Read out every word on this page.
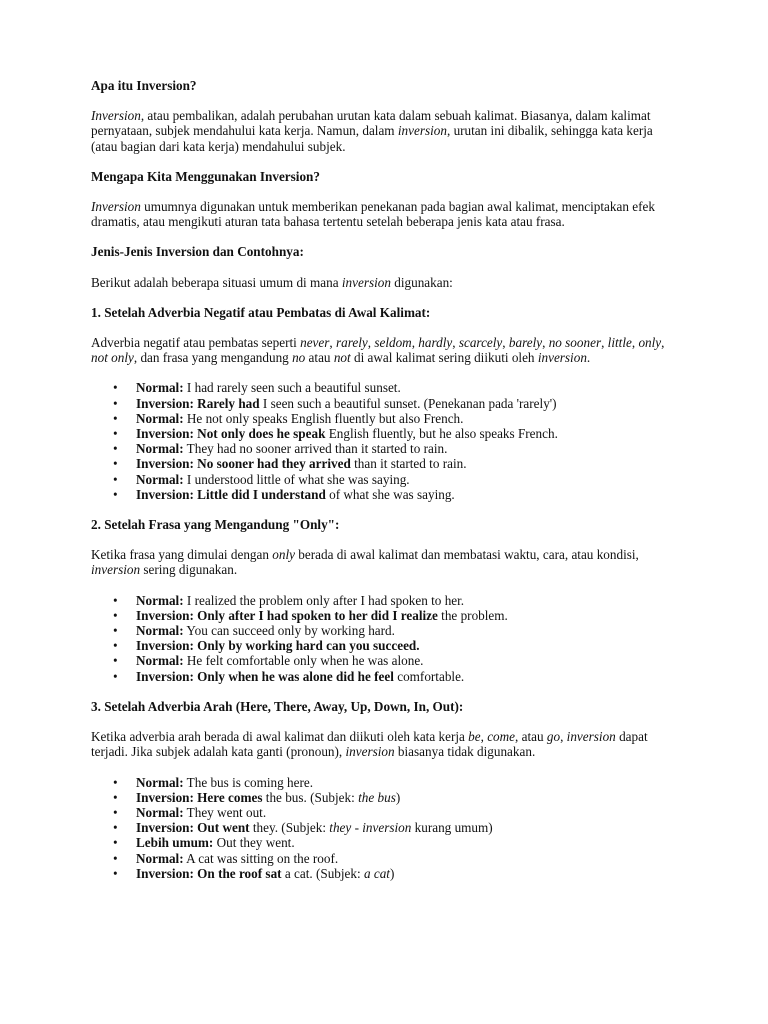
Apa itu Inversion?
Inversion, atau pembalikan, adalah perubahan urutan kata dalam sebuah kalimat. Biasanya, dalam kalimat pernyataan, subjek mendahului kata kerja. Namun, dalam inversion, urutan ini dibalik, sehingga kata kerja (atau bagian dari kata kerja) mendahului subjek.
Mengapa Kita Menggunakan Inversion?
Inversion umumnya digunakan untuk memberikan penekanan pada bagian awal kalimat, menciptakan efek dramatis, atau mengikuti aturan tata bahasa tertentu setelah beberapa jenis kata atau frasa.
Jenis-Jenis Inversion dan Contohnya:
Berikut adalah beberapa situasi umum di mana inversion digunakan:
1. Setelah Adverbia Negatif atau Pembatas di Awal Kalimat:
Adverbia negatif atau pembatas seperti never, rarely, seldom, hardly, scarcely, barely, no sooner, little, only, not only, dan frasa yang mengandung no atau not di awal kalimat sering diikuti oleh inversion.
• Normal: I had rarely seen such a beautiful sunset.
• Inversion: Rarely had I seen such a beautiful sunset. (Penekanan pada 'rarely')
• Normal: He not only speaks English fluently but also French.
• Inversion: Not only does he speak English fluently, but he also speaks French.
• Normal: They had no sooner arrived than it started to rain.
• Inversion: No sooner had they arrived than it started to rain.
• Normal: I understood little of what she was saying.
• Inversion: Little did I understand of what she was saying.
2. Setelah Frasa yang Mengandung "Only":
Ketika frasa yang dimulai dengan only berada di awal kalimat dan membatasi waktu, cara, atau kondisi, inversion sering digunakan.
• Normal: I realized the problem only after I had spoken to her.
• Inversion: Only after I had spoken to her did I realize the problem.
• Normal: You can succeed only by working hard.
• Inversion: Only by working hard can you succeed.
• Normal: He felt comfortable only when he was alone.
• Inversion: Only when he was alone did he feel comfortable.
3. Setelah Adverbia Arah (Here, There, Away, Up, Down, In, Out):
Ketika adverbia arah berada di awal kalimat dan diikuti oleh kata kerja be, come, atau go, inversion dapat terjadi. Jika subjek adalah kata ganti (pronoun), inversion biasanya tidak digunakan.
• Normal: The bus is coming here.
• Inversion: Here comes the bus. (Subjek: the bus)
• Normal: They went out.
• Inversion: Out went they. (Subjek: they - inversion kurang umum)
• Lebih umum: Out they went.
• Normal: A cat was sitting on the roof.
• Inversion: On the roof sat a cat. (Subjek: a cat)
